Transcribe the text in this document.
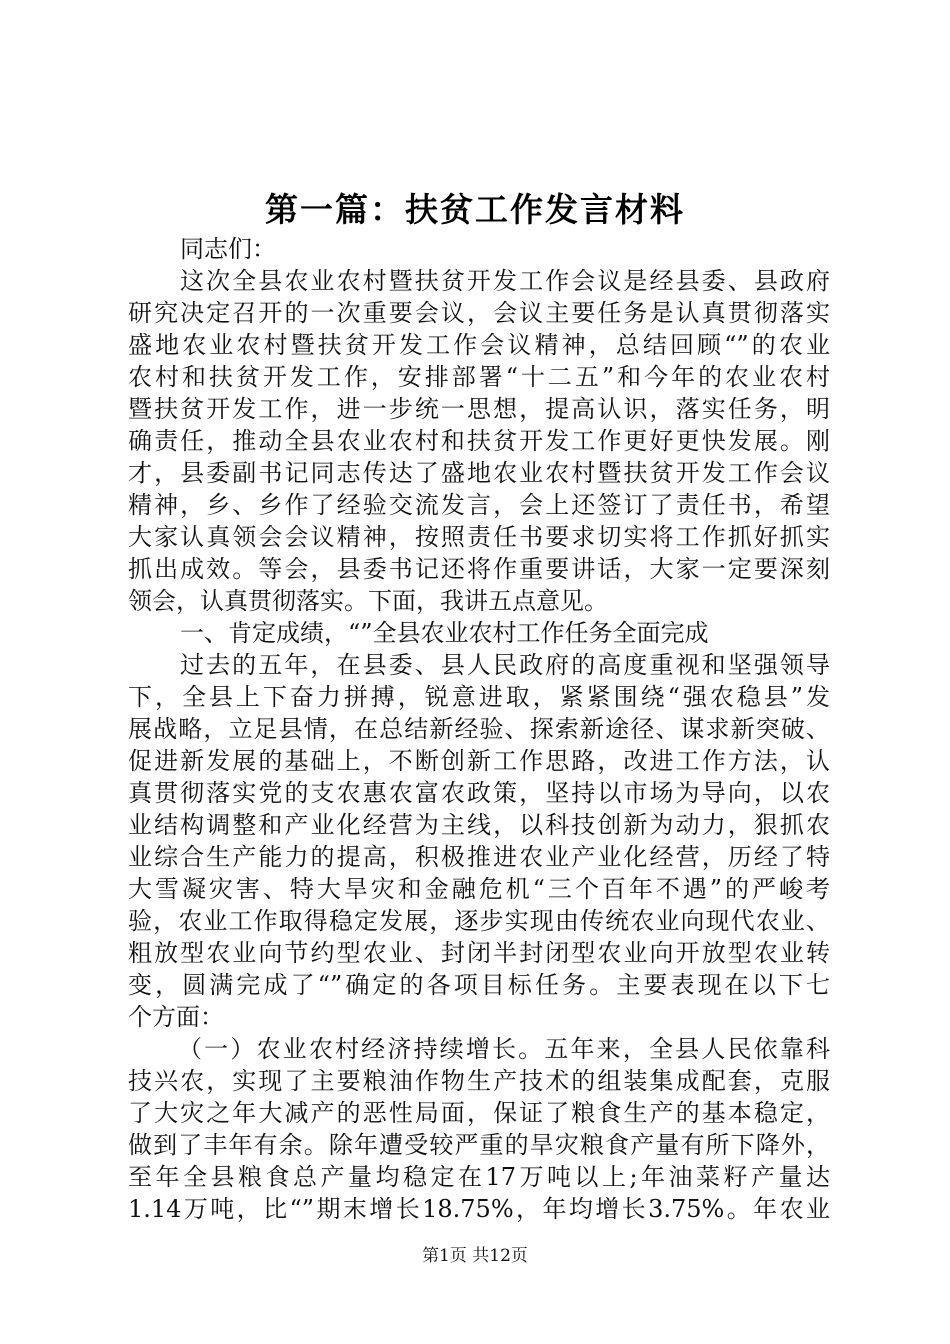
第一篇：扶贫工作发言材料
同志们：
这次全县农业农村暨扶贫开发工作会议是经县委、县政府
研究决定召开的一次重要会议，会议主要任务是认真贯彻落实
盛地农业农村暨扶贫开发工作会议精神，总结回顾“”的农业
农村和扶贫开发工作，安排部署“十二五”和今年的农业农村
暨扶贫开发工作，进一步统一思想，提高认识，落实任务，明
确责任，推动全县农业农村和扶贫开发工作更好更快发展。刚
才，县委副书记同志传达了盛地农业农村暨扶贫开发工作会议
精神，乡、乡作了经验交流发言，会上还签订了责任书，希望
大家认真领会会议精神，按照责任书要求切实将工作抓好抓实
抓出成效。等会，县委书记还将作重要讲话，大家一定要深刻
领会，认真贯彻落实。下面，我讲五点意见。
一、肯定成绩，“”全县农业农村工作任务全面完成
过去的五年，在县委、县人民政府的高度重视和坚强领导
下，全县上下奋力拼搏，锐意进取，紧紧围绕“强农稳县”发
展战略，立足县情，在总结新经验、探索新途径、谋求新突破、
促进新发展的基础上，不断创新工作思路，改进工作方法，认
真贯彻落实党的支农惠农富农政策，坚持以市场为导向，以农
业结构调整和产业化经营为主线，以科技创新为动力，狠抓农
业综合生产能力的提高，积极推进农业产业化经营，历经了特
大雪凝灾害、特大旱灾和金融危机“三个百年不遇”的严峻考
验，农业工作取得稳定发展，逐步实现由传统农业向现代农业、
粗放型农业向节约型农业、封闭半封闭型农业向开放型农业转
变，圆满完成了“”确定的各项目标任务。主要表现在以下七
个方面：
（一）农业农村经济持续增长。五年来，全县人民依靠科
技兴农，实现了主要粮油作物生产技术的组装集成配套，克服
了大灾之年大减产的恶性局面，保证了粮食生产的基本稳定，
做到了丰年有余。除年遭受较严重的旱灾粮食产量有所下降外，
至年全县粮食总产量均稳定在17万吨以上;年油菜籽产量达
1.14万吨，比“”期末增长18.75%，年均增长3.75%。年农业
第1页 共12页
